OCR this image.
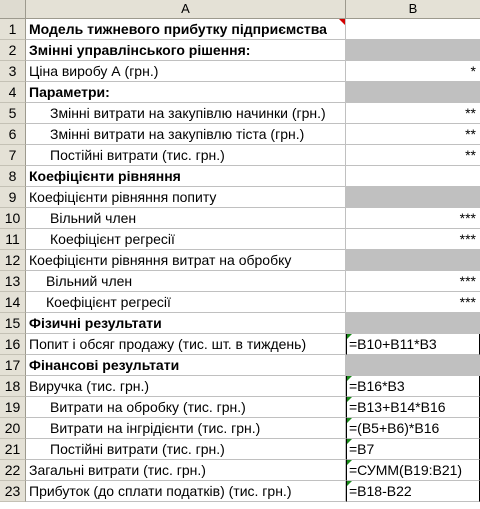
A	B
1 Модель тижневого прибутку підприємства
2 Змінні управлінського рішення:
3 Ціна виробу А (грн.)	*
4 Параметри:
5	Змінні витрати на закупівлю начинки (грн.)	**
6	Змінні витрати на закупівлю тіста (грн.)	**
7	Постійні витрати (тис. грн.)	**
8 Коефіцієнти рівняння
9 Коефіцієнти рівняння попиту
10	Вільний член	***
11	Коефіцієнт регресії	***
12 Коефіцієнти рівняння витрат на обробку
13	Вільний член	***
14	Коефіцієнт регресії	***
15 Фізичні результати
16 Попит і обсяг продажу (тис. шт. в тиждень)	=B10+B11*B3
17 Фінансові результати
18 Виручка (тис. грн.)	=B16*B3
19	Витрати на обробку (тис. грн.)	=B13+B14*B16
20	Витрати на інгрідієнти (тис. грн.)	=(B5+B6)*B16
21	Постійні витрати (тис. грн.)	=B7
22 Загальні витрати (тис. грн.)	=СУММ(B19:B21)
23 Прибуток (до сплати податків) (тис. грн.)	=B18-B22
